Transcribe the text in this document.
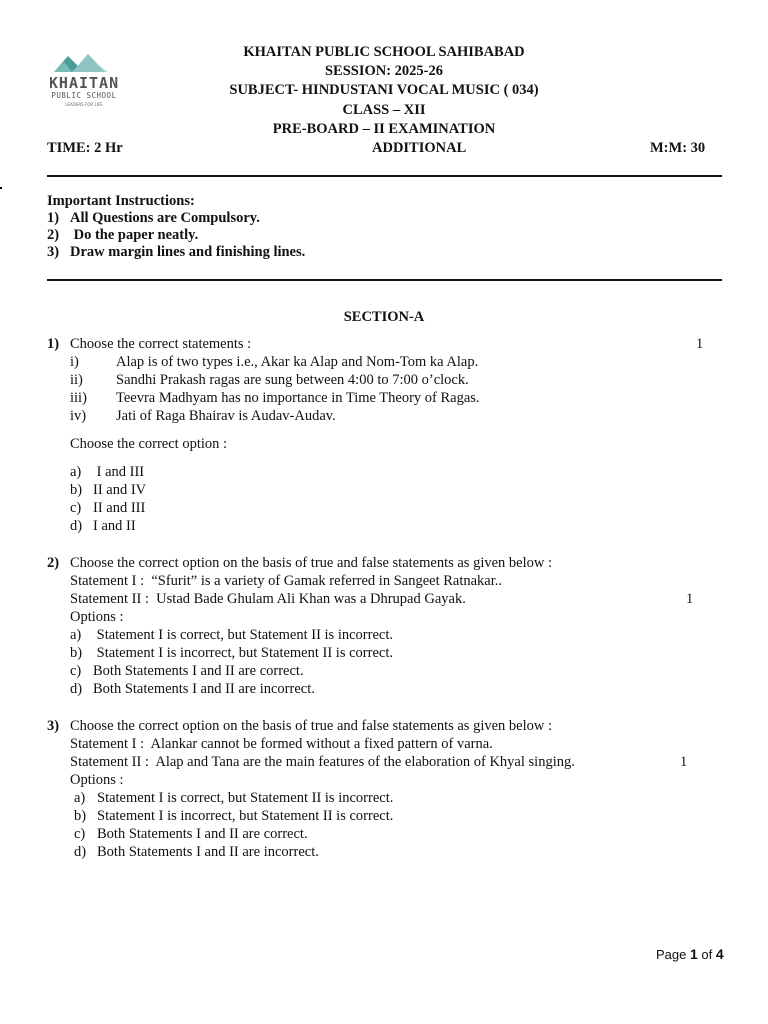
KHAITAN
PUBLIC SCHOOL
LEADERS FOR LIFE
KHAITAN PUBLIC SCHOOL SAHIBABAD
SESSION: 2025-26
SUBJECT- HINDUSTANI VOCAL MUSIC ( 034)
CLASS – XII
PRE-BOARD – II EXAMINATION
TIME: 2 Hr	ADDITIONAL	M:M: 30
Important Instructions:
1) All Questions are Compulsory.
2) Do the paper neatly.
3) Draw margin lines and finishing lines.
SECTION-A
1) Choose the correct statements :	1
i)	Alap is of two types i.e., Akar ka Alap and Nom-Tom ka Alap.
ii) Sandhi Prakash ragas are sung between 4:00 to 7:00 o’clock.
iii) Teevra Madhyam has no importance in Time Theory of Ragas.
iv) Jati of Raga Bhairav is Audav-Audav.
Choose the correct option :
a) I and III
b) II and IV
c) II and III
d) I and II
2) Choose the correct option on the basis of true and false statements as given below :
Statement I :  “Sfurit” is a variety of Gamak referred in Sangeet Ratnakar..
Statement II :  Ustad Bade Ghulam Ali Khan was a Dhrupad Gayak.	1
Options :
a) Statement I is correct, but Statement II is incorrect.
b) Statement I is incorrect, but Statement II is correct.
c) Both Statements I and II are correct.
d) Both Statements I and II are incorrect.
3) Choose the correct option on the basis of true and false statements as given below :
Statement I :  Alankar cannot be formed without a fixed pattern of varna.
Statement II :  Alap and Tana are the main features of the elaboration of Khyal singing.	1
Options :
a) Statement I is correct, but Statement II is incorrect.
b) Statement I is incorrect, but Statement II is correct.
c) Both Statements I and II are correct.
d) Both Statements I and II are incorrect.
Page 1 of 4
